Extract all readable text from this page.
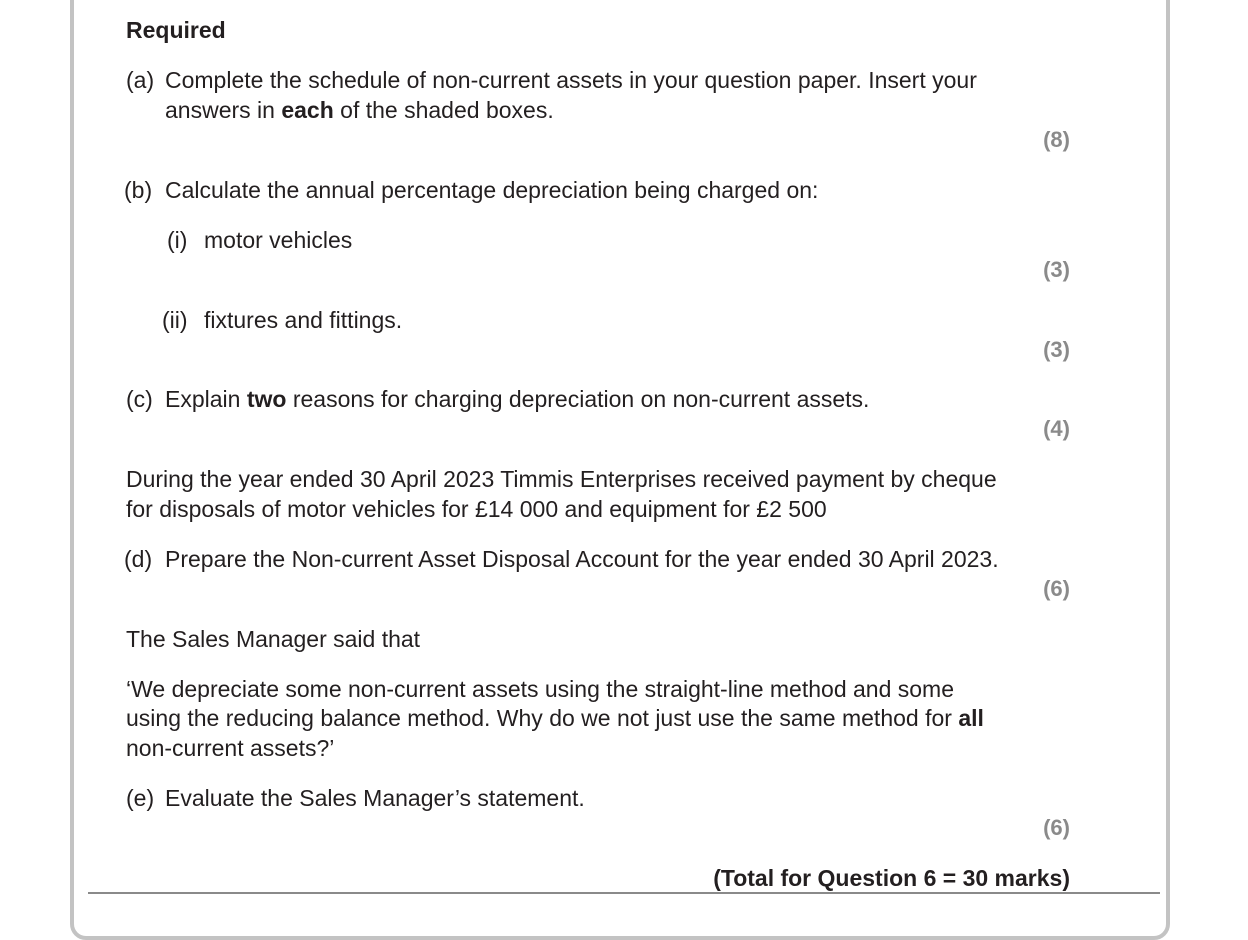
Required
(a) Complete the schedule of non-current assets in your question paper. Insert your
answers in each of the shaded boxes.
(8)
(b) Calculate the annual percentage depreciation being charged on:
(i) motor vehicles
(3)
(ii) fixtures and fittings.
(3)
(c) Explain two reasons for charging depreciation on non-current assets.
(4)
During the year ended 30 April 2023 Timmis Enterprises received payment by cheque
for disposals of motor vehicles for £14 000 and equipment for £2 500
(d) Prepare the Non-current Asset Disposal Account for the year ended 30 April 2023.
(6)
The Sales Manager said that
‘We depreciate some non-current assets using the straight-line method and some
using the reducing balance method. Why do we not just use the same method for all
non-current assets?’
(e) Evaluate the Sales Manager’s statement.
(6)
(Total for Question 6 = 30 marks)
